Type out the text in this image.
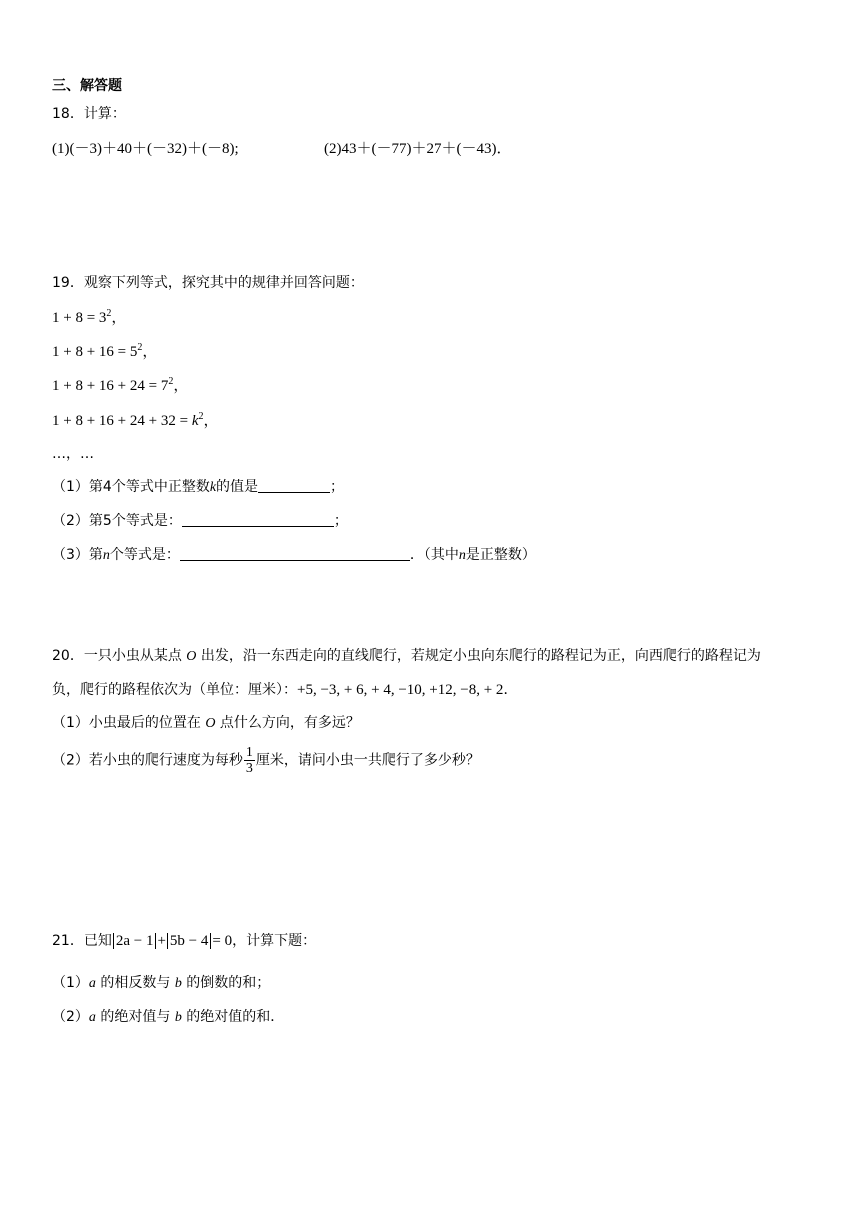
三、解答题
18．计算：
(1)(－3)＋40＋(－32)＋(－8);	(2)43＋(－77)＋27＋(－43)．
19．观察下列等式，探究其中的规律并回答问题：
$1 + 8 = 3^2$，
$1 + 8 + 16 = 5^2$，
$1 + 8 + 16 + 24 = 7^2$，
$1 + 8 + 16 + 24 + 32 = k^2$，
…，…
（1）第4个等式中正整数k的值是	；
（2）第5个等式是：	；
（3）第n个等式是：	．（其中n是正整数）
20．一只小虫从某点 O 出发，沿一东西走向的直线爬行，若规定小虫向东爬行的路程记为正，向西爬行的路程记为
负，爬行的路程依次为（单位：厘米）：+5, −3, + 6, + 4, −10, +12, −8, + 2．
（1）小虫最后的位置在 O 点什么方向，有多远？
（2）若小虫的爬行速度为每秒 $\frac{1}{3}$ 厘米，请问小虫一共爬行了多少秒？
21．已知 2a − 1 + 5b − 4 = 0，计算下题：
（1）a 的相反数与 b 的倒数的和；
（2）a 的绝对值与 b 的绝对值的和．
